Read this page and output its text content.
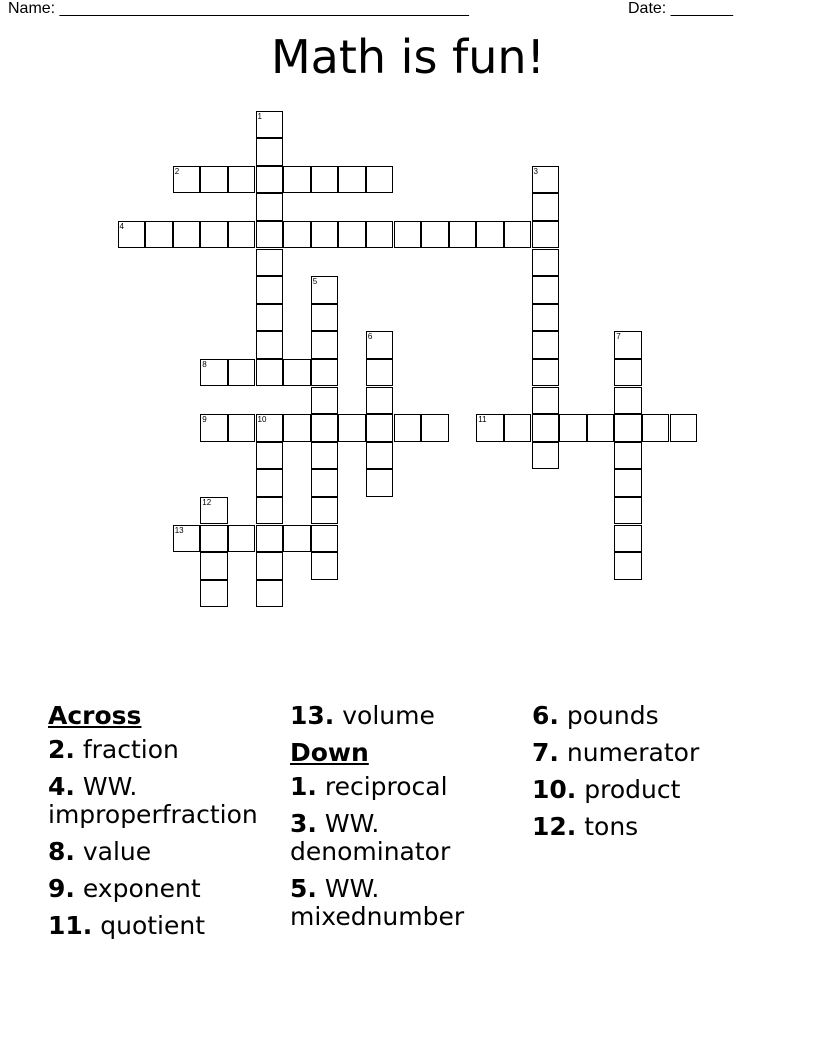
Name: ______________________________________________	Date: _______
Math is fun!
1
2	3
4
5
6	7
8
9	10	11
12
13
Across
2. fraction
4. WW. improperfraction
8. value
9. exponent
11. quotient
13. volume
Down
1. reciprocal
3. WW. denominator
5. WW. mixednumber
6. pounds
7. numerator
10. product
12. tons
